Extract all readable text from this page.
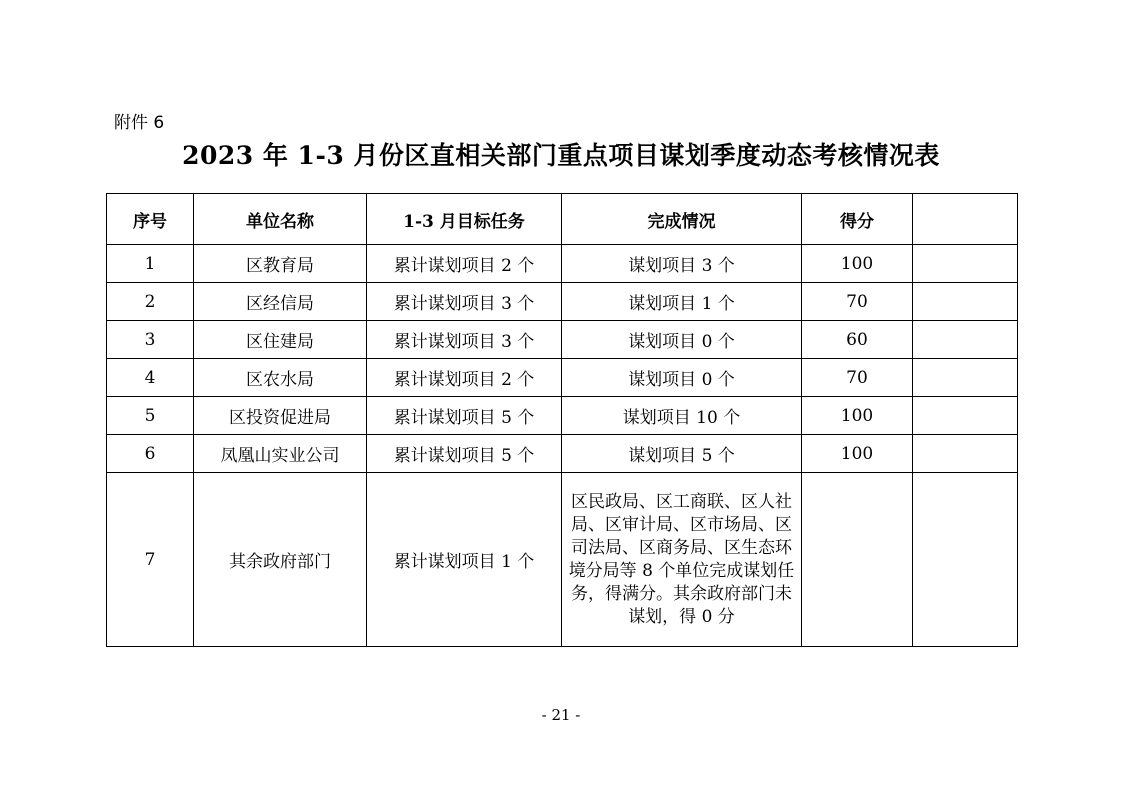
附件 6
2023 年 1-3 月份区直相关部门重点项目谋划季度动态考核情况表
序号	单位名称	1-3 月目标任务	完成情况	得分	
1	区教育局	累计谋划项目 2 个	谋划项目 3 个	100	
2	区经信局	累计谋划项目 3 个	谋划项目 1 个	70	
3	区住建局	累计谋划项目 3 个	谋划项目 0 个	60	
4	区农水局	累计谋划项目 2 个	谋划项目 0 个	70	
5	区投资促进局	累计谋划项目 5 个	谋划项目 10 个	100	
6	凤凰山实业公司	累计谋划项目 5 个	谋划项目 5 个	100	
7	其余政府部门	累计谋划项目 1 个	区民政局、区工商联、区人社局、区审计局、区市场局、区司法局、区商务局、区生态环境分局等 8 个单位完成谋划任务，得满分。其余政府部门未谋划，得 0 分		
- 21 -
